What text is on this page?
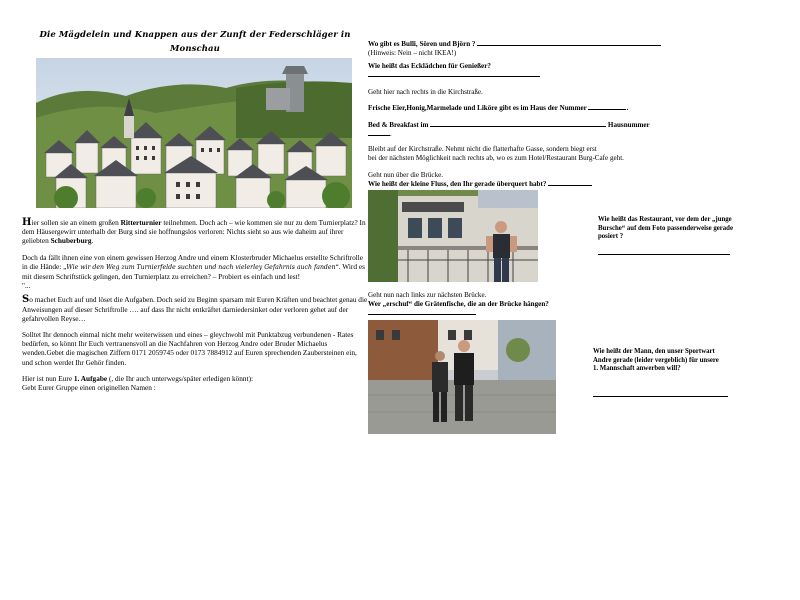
Die Mägdelein und Knappen aus der Zunft der Federschläger in
Monschau

Hier sollen sie an einem großen Ritterturnier teilnehmen. Doch ach – wie kommen sie nur zu dem Turnierplatz? In dem Häusergewirr unterhalb der Burg sind sie hoffnungslos verloren: Nichts sieht so aus wie daheim auf ihrer geliebten Schuberburg.

Doch da fällt ihnen eine von einem gewissen Herzog Andre und einem Klosterbruder Michaelus erstellte Schriftrolle in die Hände: „Wie wir den Weg zum Turnierfelde suchten und nach vielerley Gefahrnis auch fanden“. Wird es mit diesem Schriftstück gelingen, den Turnierplatz zu erreichen? – Probiert es einfach und lest!
"...

So machet Euch auf und löset die Aufgaben. Doch seid zu Beginn sparsam mit Euren Kräften und beachtet genau die Anweisungen auf dieser Schriftrolle …. auf dass Ihr nicht entkräftet darniedersinket oder verloren gehet auf der gefahrvollen Reyse…

Solltet Ihr dennoch einmal nicht mehr weiterwissen und eines – gleychwohl mit Punktabzug verbundenen - Rates bedürfen, so könnt Ihr Euch vertrauensvoll an die Nachfahren von Herzog Andre oder Bruder Michaelus wenden.Gebet die magischen Ziffern 0171 2059745 oder 0173 7884912 auf Euren sprechenden Zaubersteinen ein, und schon werdet Ihr Gehör finden.

Hier ist nun Eure 1. Aufgabe (, die Ihr auch unterwegs/später erledigen könnt):
Gebt Eurer Gruppe einen originellen Namen :

Wo gibt es Bulli, Sören und Björn ?
(Hinweis: Nein – nicht IKEA!)
Wie heißt das Ecklädchen für Genießer?

Geht hier nach rechts in die Kirchstraße.
Frische Eier,Honig,Marmelade und Liköre gibt es im Haus der Nummer	.
Bed & Breakfast im	Hausnummer
.
Bleibt auf der Kirchstraße. Nehmt nicht die flatterhafte Gasse, sondern biegt erst
bei der nächsten Möglichkeit nach rechts ab, wo es zum Hotel/Restaurant Burg-Cafe geht.
Geht nun über die Brücke.
Wie heißt der kleine Fluss, den Ihr gerade überquert habt?
Wie heißt das Restaurant, vor dem der „junge Bursche“ auf dem Foto passenderweise gerade posiert ?
Geht nun nach links zur nächsten Brücke.
Wer „erschuf“ die Grätenfische, die an der Brücke hängen?

Wie heißt der Mann, den unser Sportwart Andre gerade (leider vergeblich) für unsere 1. Mannschaft anwerben will?
